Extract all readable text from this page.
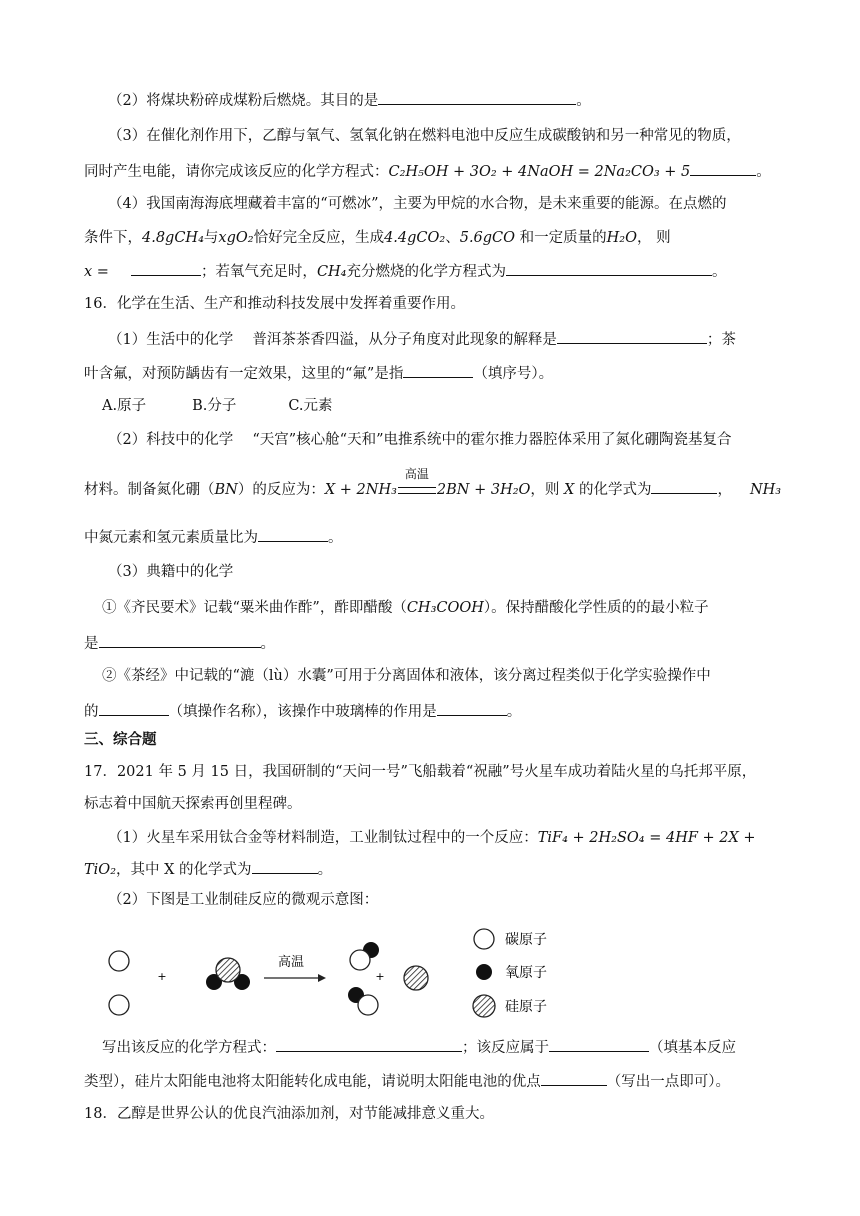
（2）将煤块粉碎成煤粉后燃烧。其目的是	。
（3）在催化剂作用下，乙醇与氧气、氢氧化钠在燃料电池中反应生成碳酸钠和另一种常见的物质，
同时产生电能，请你完成该反应的化学方程式：C₂H₅OH + 3O₂ + 4NaOH = 2Na₂CO₃ + 5	。
（4）我国南海海底埋藏着丰富的“可燃冰”，主要为甲烷的水合物，是未来重要的能源。在点燃的
条件下，4.8gCH₄与xgO₂恰好完全反应，生成4.4gCO₂、5.6gCO 和一定质量的H₂O， 则
x =	；若氧气充足时，CH₄充分燃烧的化学方程式为	。
16．化学在生活、生产和推动科技发展中发挥着重要作用。
（1）生活中的化学　 普洱茶茶香四溢，从分子角度对此现象的解释是	；茶
叶含氟，对预防龋齿有一定效果，这里的“氟”是指	（填序号）。
A.原子	B.分子	C.元素
（2）科技中的化学　 “天宫”核心舱“天和”电推系统中的霍尔推力器腔体采用了氮化硼陶瓷基复合
材料。制备氮化硼（BN）的反应为：X + 2NH₃
高温
2BN + 3H₂O，则 X 的化学式为	， NH₃
中氮元素和氢元素质量比为	。
（3）典籍中的化学
①《齐民要术》记载“粟米曲作酢”，酢即醋酸（CH₃COOH）。保持醋酸化学性质的的最小粒子
是	。
②《茶经》中记载的“漉（lù）水囊”可用于分离固体和液体，该分离过程类似于化学实验操作中
的	（填操作名称），该操作中玻璃棒的作用是	。
三、综合题
17．2021 年 5 月 15 日，我国研制的“天问一号”飞船载着“祝融”号火星车成功着陆火星的乌托邦平原，
标志着中国航天探索再创里程碑。
（1）火星车采用钛合金等材料制造，工业制钛过程中的一个反应：TiF₄ + 2H₂SO₄ = 4HF + 2X +
TiO₂，其中 X 的化学式为	。
（2）下图是工业制硅反应的微观示意图：
+
高温
+
碳原子
氧原子
硅原子
写出该反应的化学方程式：	；该反应属于	（填基本反应
类型），硅片太阳能电池将太阳能转化成电能，请说明太阳能电池的优点	（写出一点即可）。
18．乙醇是世界公认的优良汽油添加剂，对节能减排意义重大。
